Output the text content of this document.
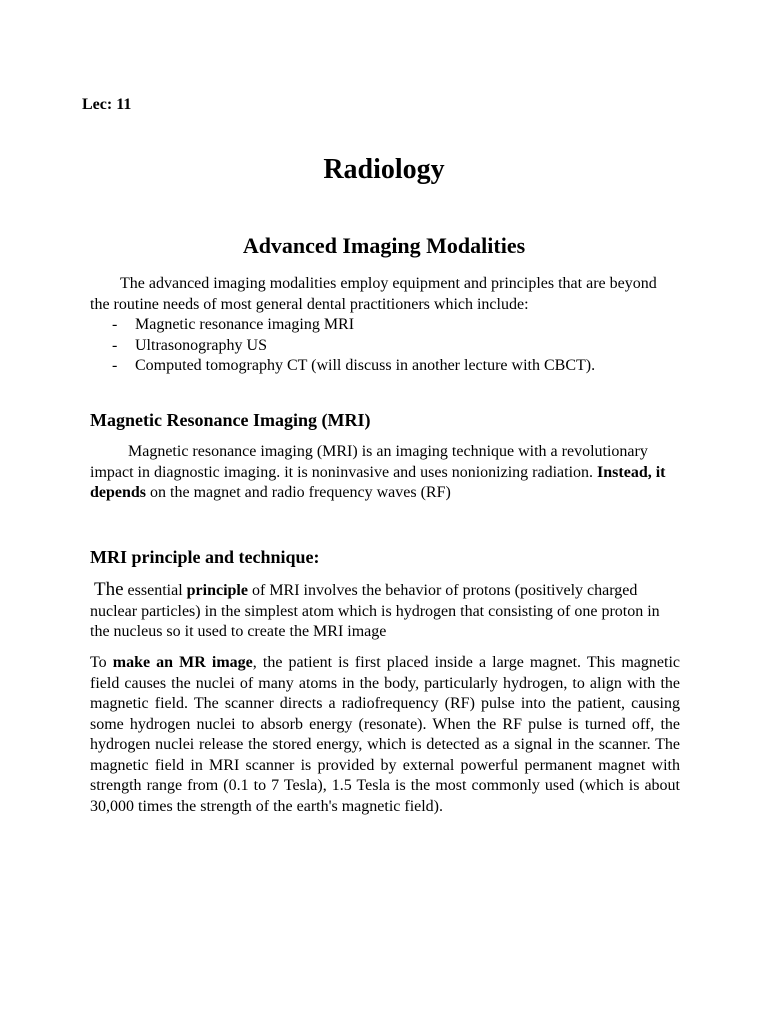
Lec: 11
Radiology
Advanced Imaging Modalities
The advanced imaging modalities employ equipment and principles that are beyond the routine needs of most general dental practitioners which include:
- Magnetic resonance imaging MRI
- Ultrasonography US
- Computed tomography CT (will discuss in another lecture with CBCT).
Magnetic Resonance Imaging (MRI)
Magnetic resonance imaging (MRI) is an imaging technique with a revolutionary impact in diagnostic imaging. it is noninvasive and uses nonionizing radiation. Instead, it depends on the magnet and radio frequency waves (RF)
MRI principle and technique:
The essential principle of MRI involves the behavior of protons (positively charged nuclear particles) in the simplest atom which is hydrogen that consisting of one proton in the nucleus so it used to create the MRI image
To make an MR image, the patient is first placed inside a large magnet. This magnetic field causes the nuclei of many atoms in the body, particularly hydrogen, to align with the magnetic field. The scanner directs a radiofrequency (RF) pulse into the patient, causing some hydrogen nuclei to absorb energy (resonate). When the RF pulse is turned off, the hydrogen nuclei release the stored energy, which is detected as a signal in the scanner. The magnetic field in MRI scanner is provided by external powerful permanent magnet with strength range from (0.1 to 7 Tesla), 1.5 Tesla is the most commonly used (which is about 30,000 times the strength of the earth's magnetic field).
